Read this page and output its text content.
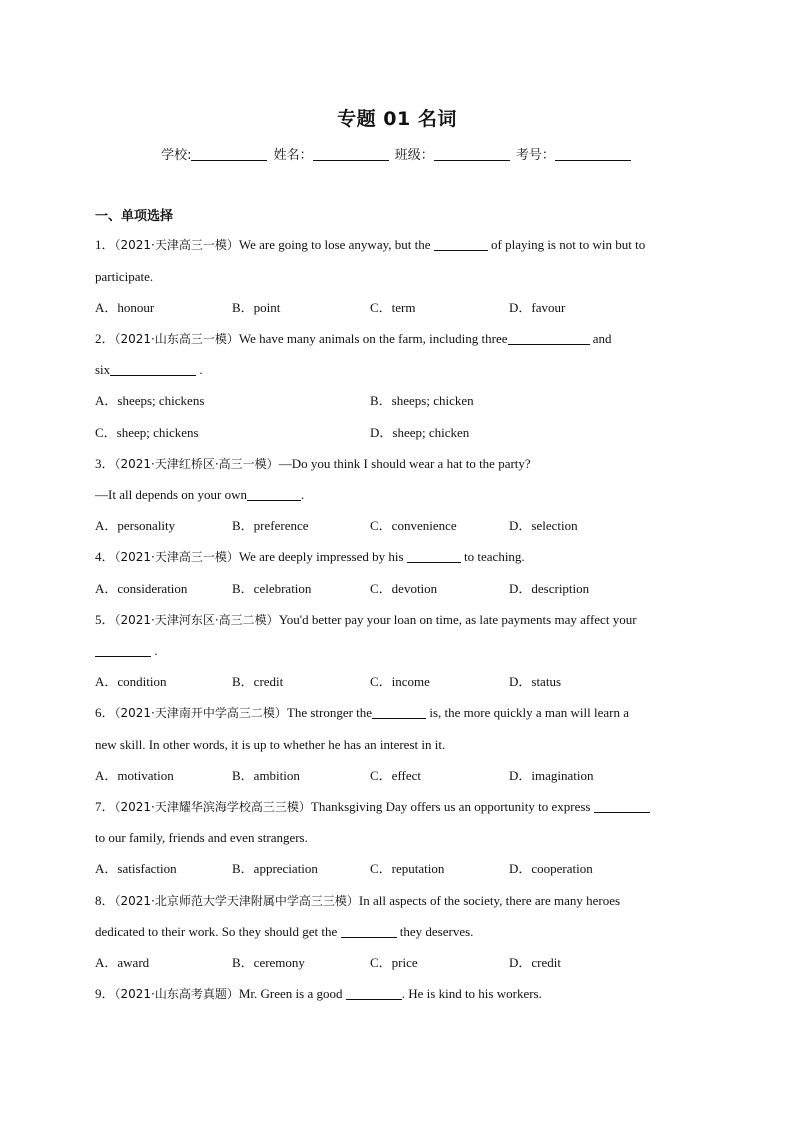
专题 01 名词
学校:	姓名：	班级：	考号：
一、单项选择
1．（2021·天津高三一模）We are going to lose anyway, but the	of playing is not to win but to
participate.
A．honour	B．point	C．term	D．favour
2．（2021·山东高三一模）We have many animals on the farm, including three	and
six	.
A．sheeps; chickens	B．sheeps; chicken
C．sheep; chickens	D．sheep; chicken
3．（2021·天津红桥区·高三一模）—Do you think I should wear a hat to the party?
—It all depends on your own	.
A．personality	B．preference	C．convenience	D．selection
4．（2021·天津高三一模）We are deeply impressed by his	to teaching.
A．consideration	B．celebration	C．devotion	D．description
5．（2021·天津河东区·高三二模）You'd better pay your loan on time, as late payments may affect your
.
A．condition	B．credit	C．income	D．status
6．（2021·天津南开中学高三二模）The stronger the	is, the more quickly a man will learn a
new skill. In other words, it is up to whether he has an interest in it.
A．motivation	B．ambition	C．effect	D．imagination
7．（2021·天津耀华滨海学校高三三模）Thanksgiving Day offers us an opportunity to express
to our family, friends and even strangers.
A．satisfaction	B．appreciation	C．reputation	D．cooperation
8．（2021·北京师范大学天津附属中学高三三模）In all aspects of the society, there are many heroes
dedicated to their work. So they should get the	they deserves.
A．award	B．ceremony	C．price	D．credit
9．（2021·山东高考真题）Mr. Green is a good	. He is kind to his workers.
